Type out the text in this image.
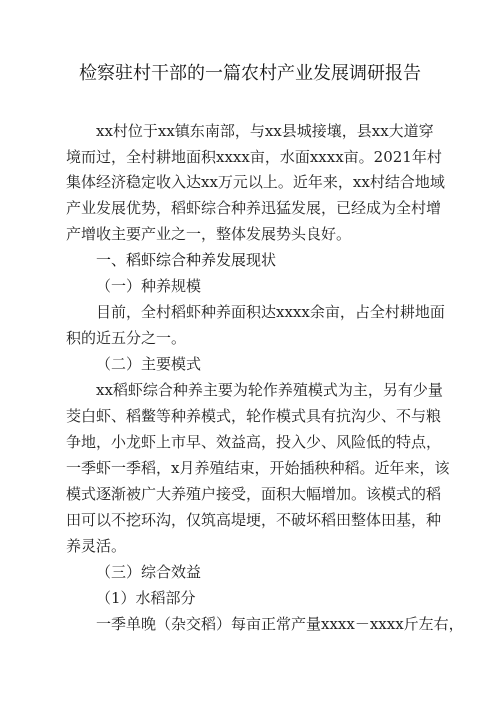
检察驻村干部的一篇农村产业发展调研报告
xx村位于xx镇东南部，与xx县城接壤，县xx大道穿
境而过，全村耕地面积xxxx亩，水面xxxx亩。2021年村
集体经济稳定收入达xx万元以上。近年来，xx村结合地域
产业发展优势，稻虾综合种养迅猛发展，已经成为全村增
产增收主要产业之一，整体发展势头良好。
一、稻虾综合种养发展现状
（一）种养规模
目前，全村稻虾种养面积达xxxx余亩，占全村耕地面
积的近五分之一。
（二）主要模式
xx稻虾综合种养主要为轮作养殖模式为主，另有少量
茭白虾、稻鳖等种养模式，轮作模式具有抗沟少、不与粮
争地，小龙虾上市早、效益高，投入少、风险低的特点，
一季虾一季稻，x月养殖结束，开始插秧种稻。近年来，该
模式逐渐被广大养殖户接受，面积大幅增加。该模式的稻
田可以不挖环沟，仅筑高堤埂，不破坏稻田整体田基，种
养灵活。
（三）综合效益
（1）水稻部分
一季单晚（杂交稻）每亩正常产量xxxx－xxxx斤左右，
